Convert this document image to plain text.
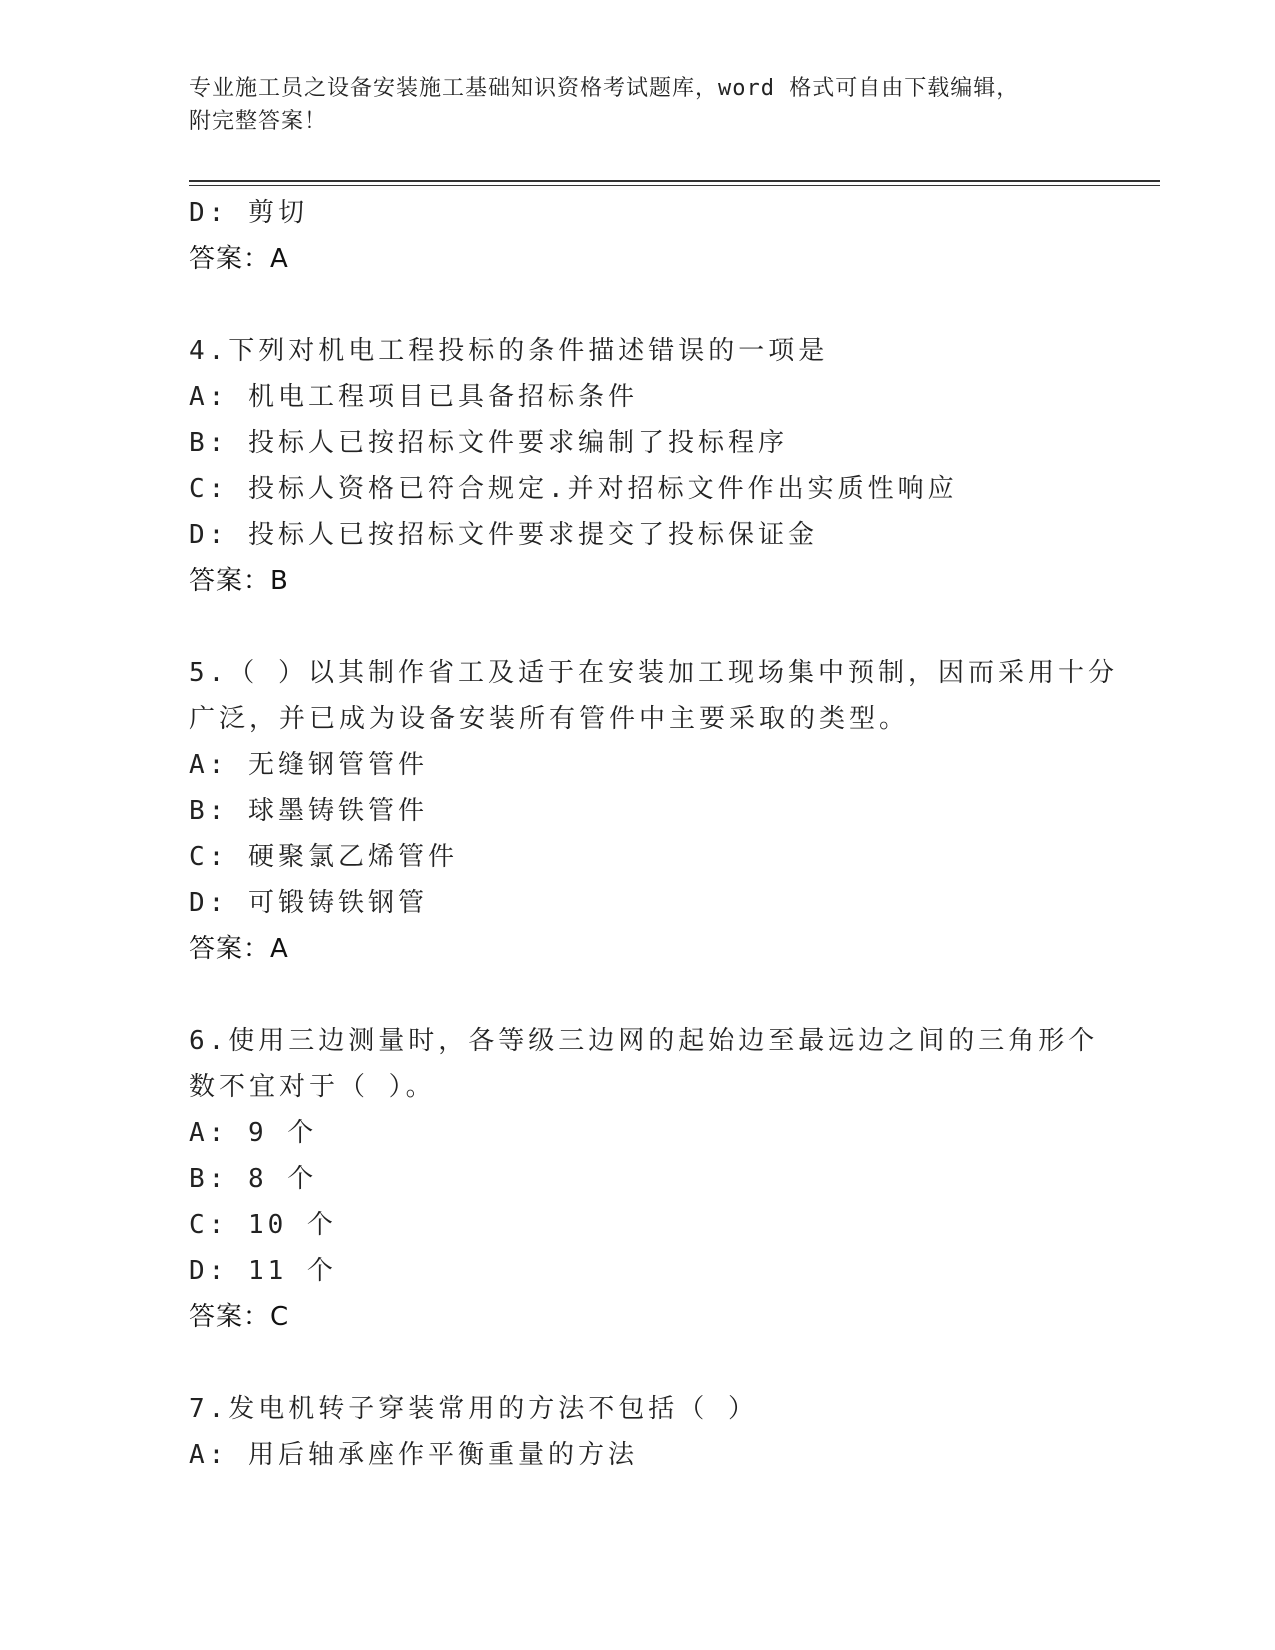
专业施工员之设备安装施工基础知识资格考试题库，word 格式可自由下载编辑，
附完整答案！
D: 剪切
答案：A
4.下列对机电工程投标的条件描述错误的一项是
A: 机电工程项目已具备招标条件
B: 投标人已按招标文件要求编制了投标程序
C: 投标人资格已符合规定.并对招标文件作出实质性响应
D: 投标人已按招标文件要求提交了投标保证金
答案：B
5.（ ）以其制作省工及适于在安装加工现场集中预制，因而采用十分
广泛，并已成为设备安装所有管件中主要采取的类型。
A: 无缝钢管管件
B: 球墨铸铁管件
C: 硬聚氯乙烯管件
D: 可锻铸铁钢管
答案：A
6.使用三边测量时，各等级三边网的起始边至最远边之间的三角形个
数不宜对于（ ）。
A: 9 个
B: 8 个
C: 10 个
D: 11 个
答案：C
7.发电机转子穿装常用的方法不包括（ ）
A: 用后轴承座作平衡重量的方法
